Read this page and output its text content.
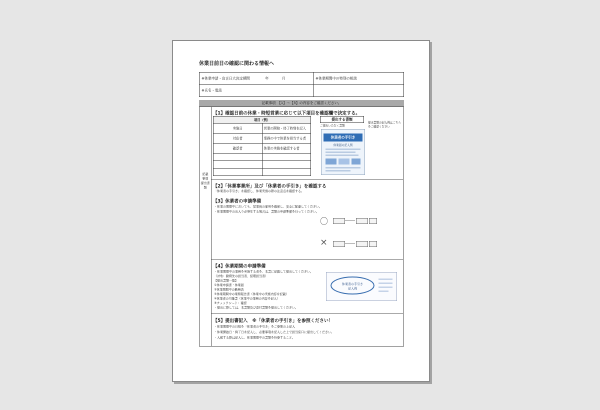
休業日前日の確認に関わる情報へ
※休業申請・宣言日大決定期間 年 月	※休業期間中の特別の相談
※氏名・電話
記載事項　【1】～【5】の内容をご確認ください。
記載
事項
提出書類
【1】確認日前の休業・時短営業に応じて以下項目を確認欄で決定する。
項目（例）	
実施日	営業の開始・終了時刻を記入
対応者	業務の中で休業を担当する者
確認者	休業の実施を確認する者

提出する書類
ご提出いただく書類
提出書類の記入例はこちらをご確認ください
休業者の手引き
休業届の記入例
【2】「休業事業所」及び「休業者の手引き」を確認する
「休業者の手引き」を確認し、休業実施の際の注意点を確認する。
【3】休業者の申請準備
・休業の期間中においても、従業員の雇用を確保し、安全に配慮してください。
・休業期間中の出入りが発生する場合は、書類の申請準備を行ってください。
〇
×
【4】休業期間の申請準備
・休業期間中の業務を実施する者を、本書に記載して提出してください。
（対象：勤務先の担当者、経理担当者）
【提出書類一覧】
①休業申請書・休業届
②休業期間中の勤務表
③休業期間中の業務報告書（休業中の実施内容を記載）
④休業者の引継書（休業中の業務の内容を記入）
⑤チェックシート：確認
・提出に際しては、本書類及び添付書類を提出してください。
休業者の手引き
記入例
【5】提出書記入　※「休業者の手引き」を参照ください！
・休業期間中の日程を「休業者の手引き」をご参照の上記入
・休業開始日・終了日を記入し、必要事項を記入した上で担当窓口に提出してください。
・入館する際は記入し、休業期間中の書類を持参すること。
